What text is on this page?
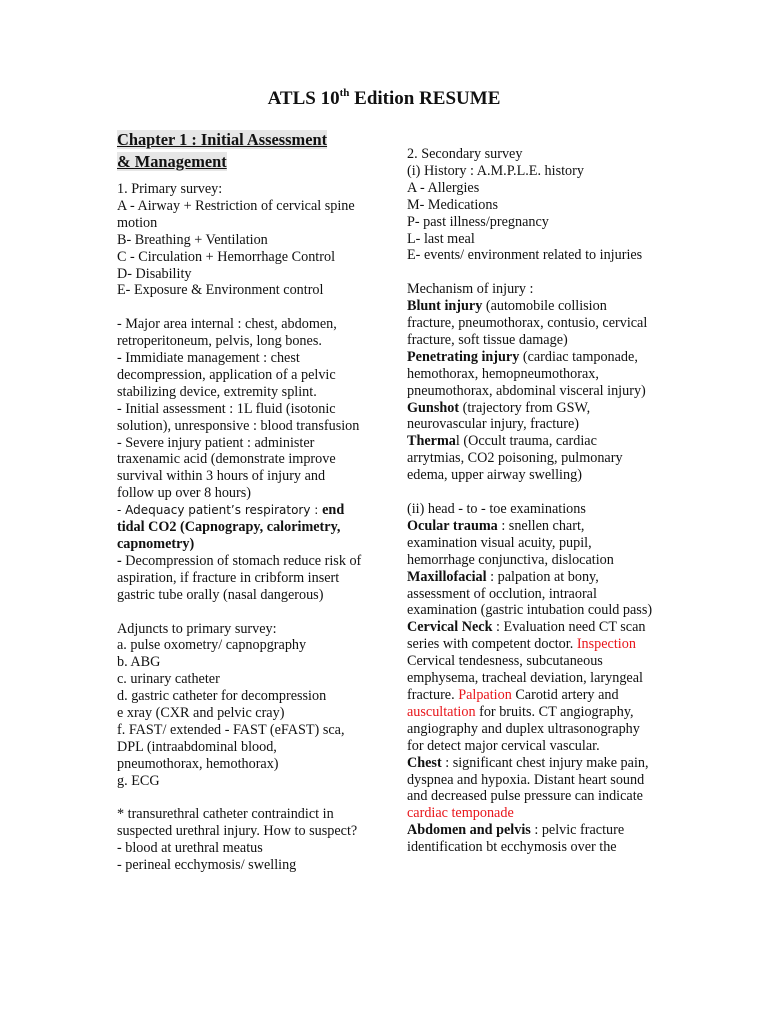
ATLS 10th Edition RESUME
Chapter 1 : Initial Assessment
& Management

1. Primary survey:

A - Airway + Restriction of cervical spine motion

B- Breathing + Ventilation

C - Circulation + Hemorrhage Control

D- Disability

E- Exposure & Environment control

- Major area internal : chest, abdomen, retroperitoneum, pelvis, long bones.

- Immidiate management : chest decompression, application of a pelvic stabilizing device, extremity splint.

- Initial assessment : 1L fluid (isotonic solution), unresponsive : blood transfusion

- Severe injury patient : administer traxenamic acid (demonstrate improve survival within 3 hours of injury and follow up over 8 hours)

- Adequacy patient’s respiratory : end tidal CO2 (Capnograpy, calorimetry, capnometry)

- Decompression of stomach reduce risk of aspiration, if fracture in cribform insert gastric tube orally (nasal dangerous)

Adjuncts to primary survey:

a. pulse oxometry/ capnopgraphy

b. ABG

c. urinary catheter

d. gastric catheter for decompression

e xray (CXR and pelvic cray)

f. FAST/ extended - FAST (eFAST) sca, DPL (intraabdominal blood, pneumothorax, hemothorax)

g. ECG

* transurethral catheter contraindict in suspected urethral injury. How to suspect?

- blood at urethral meatus

- perineal ecchymosis/ swelling

2. Secondary survey

(i) History : A.M.P.L.E. history

A - Allergies

M- Medications

P- past illness/pregnancy

L- last meal

E- events/ environment related to injuries

Mechanism of injury :

Blunt injury (automobile collision fracture, pneumothorax, contusio, cervical fracture, soft tissue damage)

Penetrating injury (cardiac tamponade, hemothorax, hemopneumothorax, pneumothorax, abdominal visceral injury)

Gunshot (trajectory from GSW, neurovascular injury, fracture)

Thermal (Occult trauma, cardiac arrytmias, CO2 poisoning, pulmonary edema, upper airway swelling)

(ii) head - to - toe examinations

Ocular trauma : snellen chart, examination visual acuity, pupil, hemorrhage conjunctiva, dislocation

Maxillofacial : palpation at bony, assessment of occlution, intraoral examination (gastric intubation could pass)

Cervical Neck : Evaluation need CT scan series with competent doctor. Inspection Cervical tendesness, subcutaneous emphysema, tracheal deviation, laryngeal fracture. Palpation Carotid artery and auscultation for bruits. CT angiography, angiography and duplex ultrasonography for detect major cervical vascular.

Chest : significant chest injury make pain, dyspnea and hypoxia. Distant heart sound and decreased pulse pressure can indicate cardiac temponade

Abdomen and pelvis : pelvic fracture identification bt ecchymosis over the
